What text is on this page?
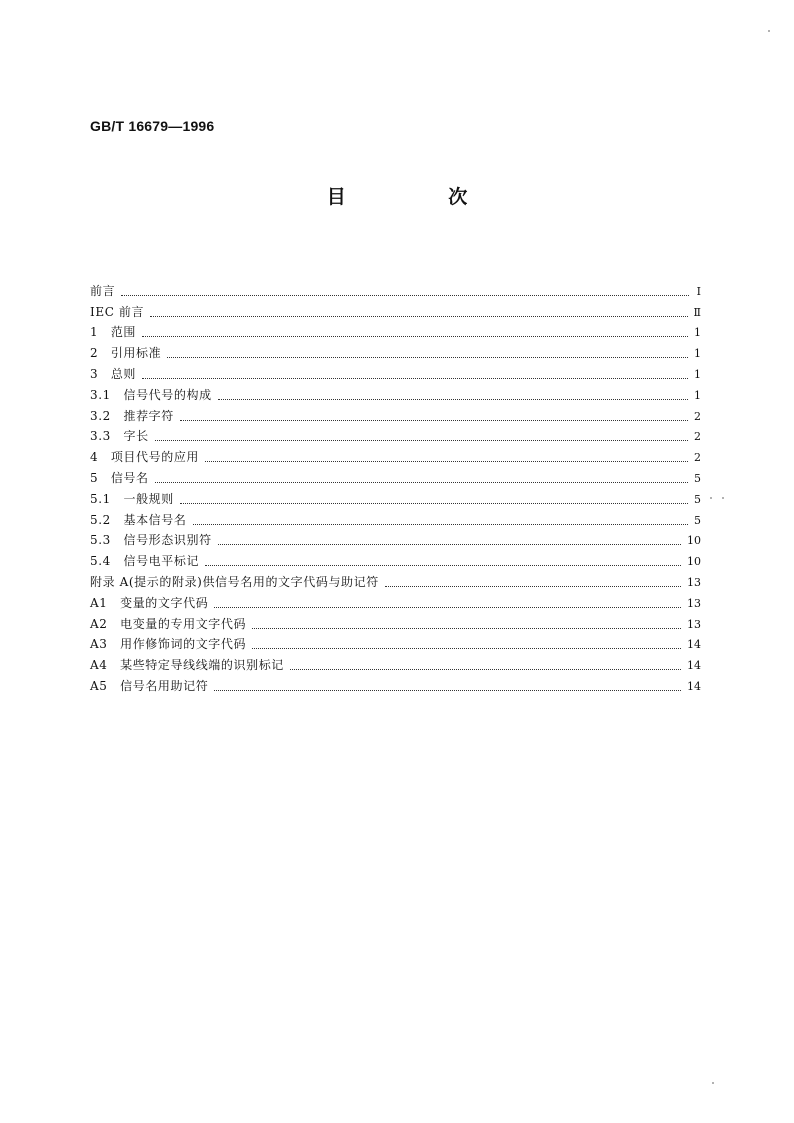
GB/T 16679—1996
目 次
前言	Ⅰ
IEC 前言	Ⅱ
1　范围	1
2　引用标准	1
3　总则	1
3.1　信号代号的构成	1
3.2　推荐字符	2
3.3　字长	2
4　项目代号的应用	2
5　信号名	5
5.1　一般规则	5
5.2　基本信号名	5
5.3　信号形态识别符	10
5.4　信号电平标记	10
附录 A(提示的附录)供信号名用的文字代码与助记符	13
A1　变量的文字代码	13
A2　电变量的专用文字代码	13
A3　用作修饰词的文字代码	14
A4　某些特定导线线端的识别标记	14
A5　信号名用助记符	14
